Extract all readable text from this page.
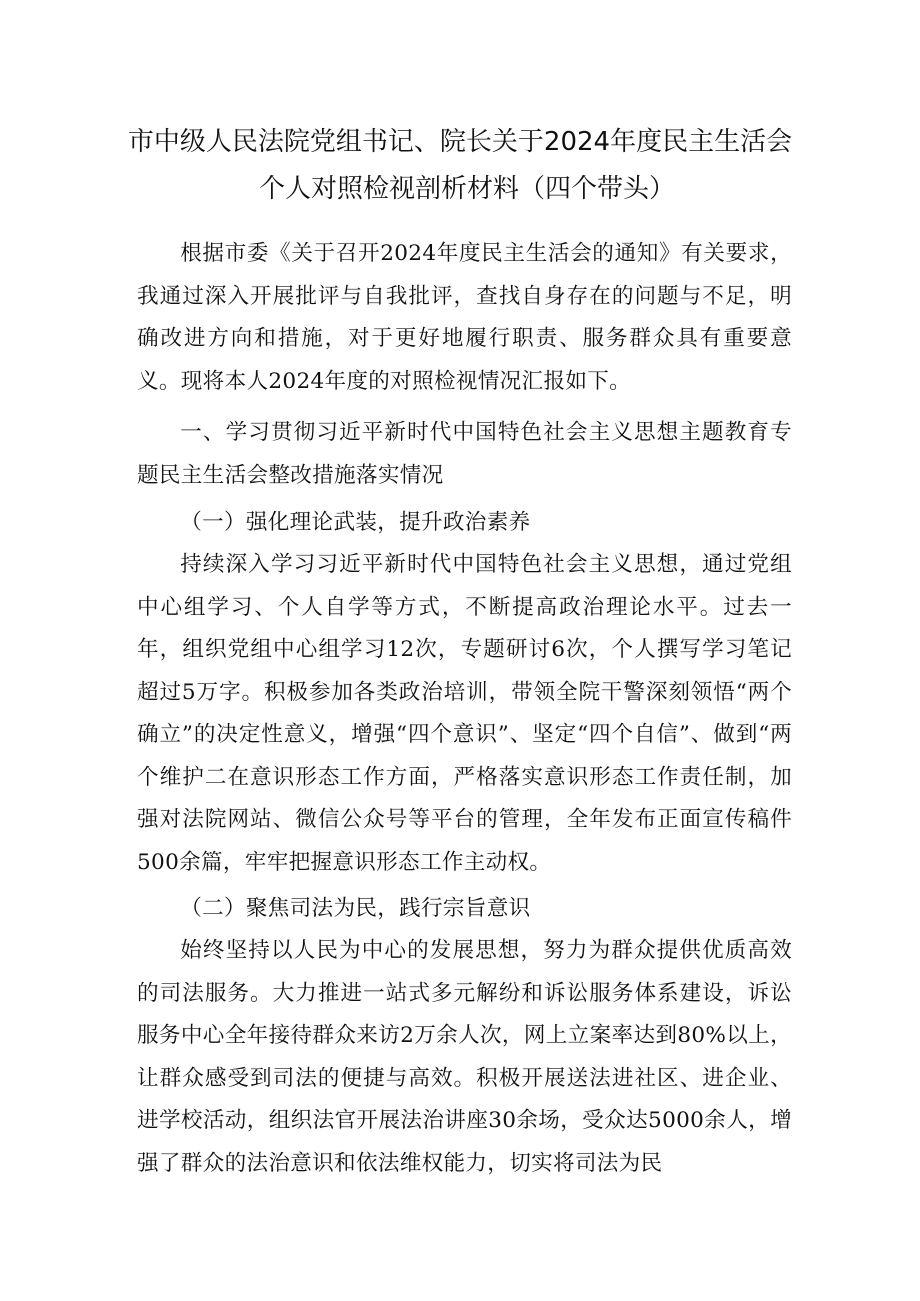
市中级人民法院党组书记、院长关于2024年度民主生活会
个人对照检视剖析材料（四个带头）

根据市委《关于召开2024年度民主生活会的通知》有关要求，我通过深入开展批评与自我批评，查找自身存在的问题与不足，明确改进方向和措施，对于更好地履行职责、服务群众具有重要意义。现将本人2024年度的对照检视情况汇报如下。

一、学习贯彻习近平新时代中国特色社会主义思想主题教育专题民主生活会整改措施落实情况

（一）强化理论武装，提升政治素养

持续深入学习习近平新时代中国特色社会主义思想，通过党组中心组学习、个人自学等方式，不断提高政治理论水平。过去一年，组织党组中心组学习12次，专题研讨6次，个人撰写学习笔记超过5万字。积极参加各类政治培训，带领全院干警深刻领悟“两个确立”的决定性意义，增强“四个意识”、坚定“四个自信”、做到“两个维护二在意识形态工作方面，严格落实意识形态工作责任制，加强对法院网站、微信公众号等平台的管理，全年发布正面宣传稿件500余篇，牢牢把握意识形态工作主动权。

（二）聚焦司法为民，践行宗旨意识

始终坚持以人民为中心的发展思想，努力为群众提供优质高效的司法服务。大力推进一站式多元解纷和诉讼服务体系建设，诉讼服务中心全年接待群众来访2万余人次，网上立案率达到80%以上，让群众感受到司法的便捷与高效。积极开展送法进社区、进企业、进学校活动，组织法官开展法治讲座30余场，受众达5000余人，增强了群众的法治意识和依法维权能力，切实将司法为民
